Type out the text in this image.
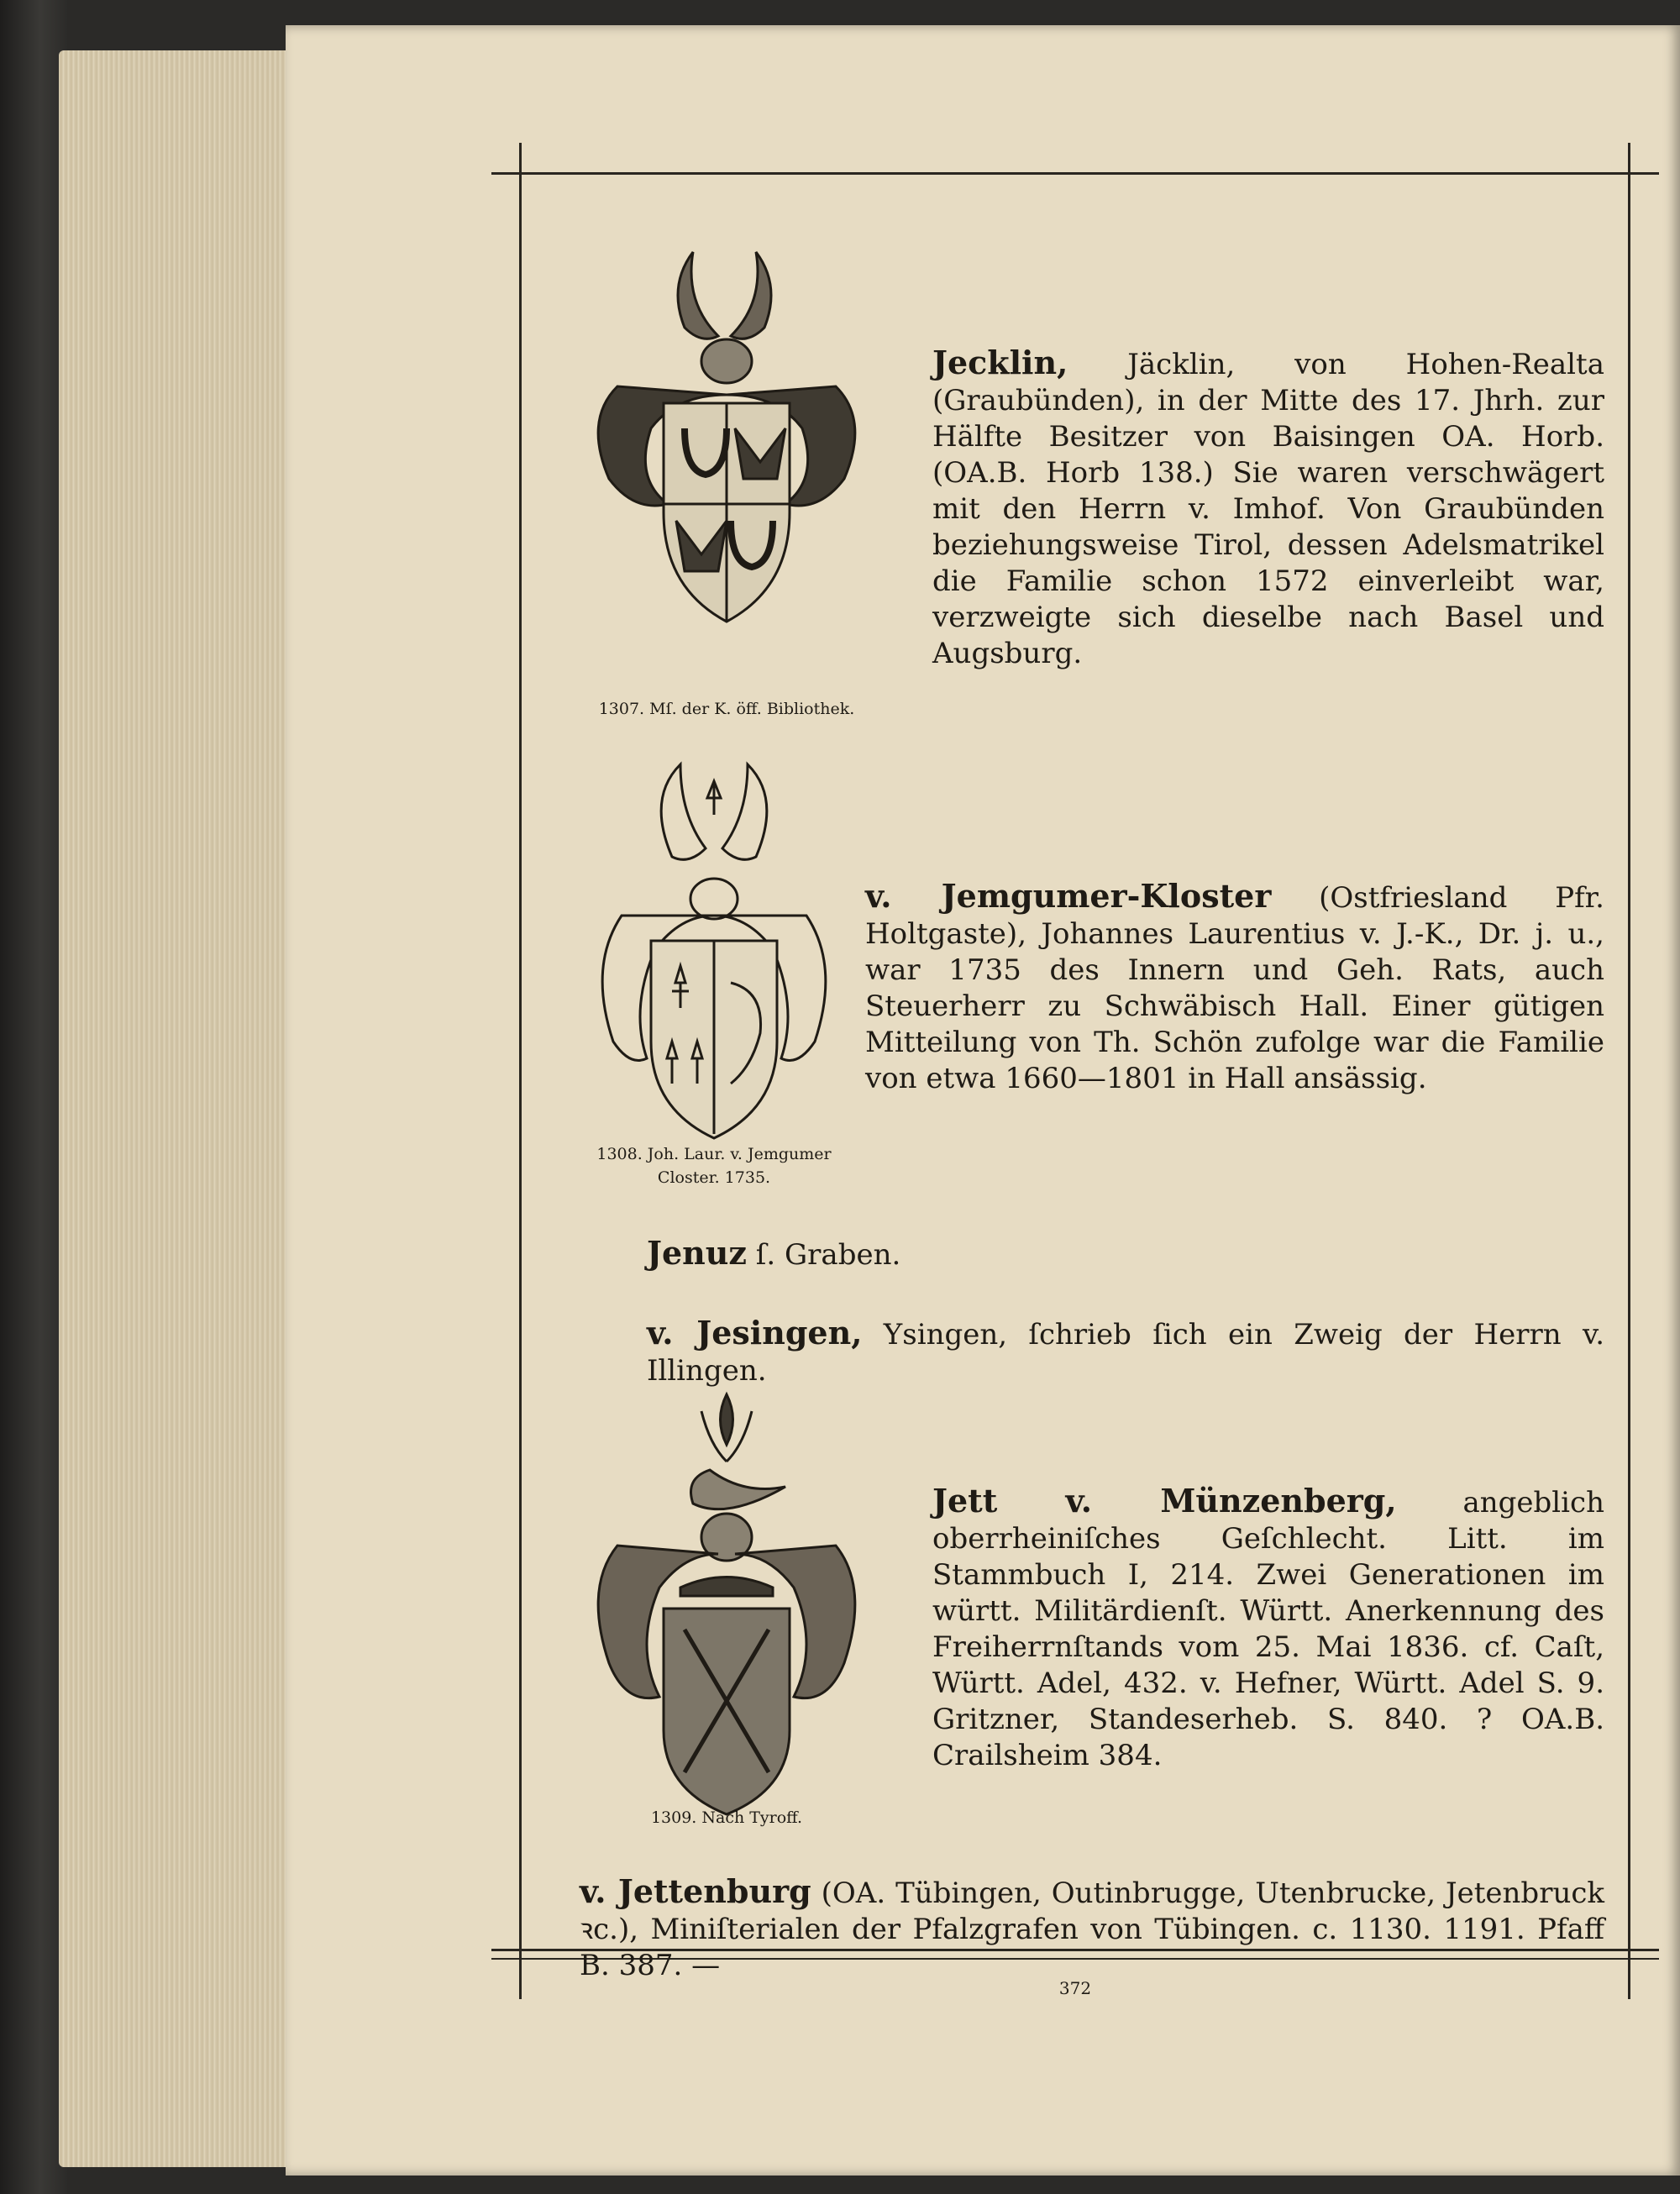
1307. Mſ. der K. öff. Bibliothek.
Jecklin, Jäcklin, von Hohen-Realta (Graubünden), in der Mitte des 17. Jhrh. zur Hälfte Besitzer von Baisingen OA. Horb. (OA.B. Horb 138.) Sie waren verschwägert mit den Herrn v. Imhof. Von Graubünden beziehungsweise Tirol, dessen Adelsmatrikel die Familie schon 1572 einverleibt war, verzweigte sich dieselbe nach Basel und Augsburg.
1308. Joh. Laur. v. Jemgumer
Closter. 1735.
v. Jemgumer-Kloster (Ostfriesland Pfr. Holtgaste), Johannes Laurentius v. J.-K., Dr. j. u., war 1735 des Innern und Geh. Rats, auch Steuerherr zu Schwäbisch Hall. Einer gütigen Mitteilung von Th. Schön zufolge war die Familie von etwa 1660—1801 in Hall ansässig.
Jenuz ſ. Graben.
v. Jesingen, Ysingen, ſchrieb ſich ein Zweig der Herrn v. Illingen.
1309. Nach Tyroff.
Jett v. Münzenberg, angeblich oberrheiniſches Geſchlecht. Litt. im Stammbuch I, 214. Zwei Generationen im württ. Militärdienſt. Württ. Anerkennung des Freiherrnſtands vom 25. Mai 1836. cf. Caſt, Württ. Adel, 432. v. Hefner, Württ. Adel S. 9. Gritzner, Standeserheb. S. 840. ? OA.B. Crailsheim 384.
v. Jettenburg (OA. Tübingen, Outinbrugge, Utenbrucke, Jetenbruck ꝛc.), Miniſterialen der Pfalzgrafen von Tübingen. c. 1130. 1191. Pfaff B. 387. —
372
